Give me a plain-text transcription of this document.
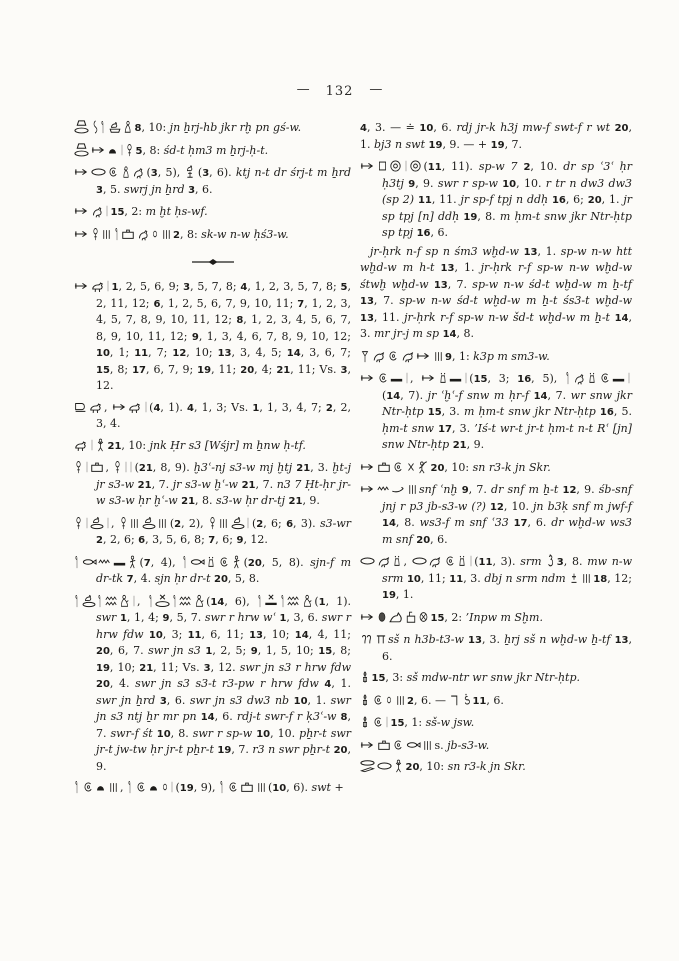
— 132 —

8, 10: jn ẖrj-hb jkr rḫ pn gś-w.

5, 8: śd-t ḥm3 m ẖrj-ḥ-t.

(3, 5), (3, 6). ktj n-t dr śrj-t m ẖrd 3, 5. swrj jn ẖrd 3, 6.

15, 2: m ḫt ḥs-wf.

2, 8: sk-w n-w ḥś3-w.

1, 2, 5, 6, 9; 3, 5, 7, 8; 4, 1, 2, 3, 5, 7, 8; 5, 2, 11, 12; 6, 1, 2, 5, 6, 7, 9, 10, 11; 7, 1, 2, 3, 4, 5, 7, 8, 9, 10, 11, 12; 8, 1, 2, 3, 4, 5, 6, 7, 8, 9, 10, 11, 12; 9, 1, 3, 4, 6, 7, 8, 9, 10, 12; 10, 1; 11, 7; 12, 10; 13, 3, 4, 5; 14, 3, 6, 7; 15, 8; 17, 6, 7, 9; 19, 11; 20, 4; 21, 11; Vs. 3, 12.

,	(4, 1). 4, 1, 3; Vs. 1, 1, 3, 4, 7; 2, 2, 3, 4.

21, 10: jnk Ḥr s3 [Wśjr] m ẖnw ḥ-tf.

, (21, 8, 9). ḫ3ʿ-nj s3-w mj ḫtj 21, 3. ḫt-j jr s3-w 21, 7. jr s3-w ḫʿ-w 21, 7. n3 7 Ḥt-ḥr jr-w s3-w ḥr ḫʿ-w 21, 8. s3-w ḥr dr-tj 21, 9.

,	(2, 2),	(2, 6; 6, 3). s3-wr 2, 2, 6; 6, 3, 5, 6, 8; 7, 6; 9, 12.

(7, 4),	(20, 5, 8). sjn-f m dr-tk 7, 4. sjn ḥr dr-t 20, 5, 8.

,	(14, 6),	(1, 1). swr 1, 1, 4; 9, 5, 7. swr r hrw wʿ 1, 3, 6. swr r hrw fdw 10, 3; 11, 6, 11; 13, 10; 14, 4, 11; 20, 6, 7. swr jn s3 1, 2, 5; 9, 1, 5, 10; 15, 8; 19, 10; 21, 11; Vs. 3, 12. swr jn s3 r hrw fdw 20, 4. swr jn s3 s3-t r3-pw r hrw fdw 4, 1. swr jn ẖrd 3, 6. swr jn s3 dw3 nb 10, 1. swr jn s3 ntj ẖr mr pn 14, 6. rdj-t swr-f r ḳ3ʿ-w 8, 7. swr-f śt 10, 8. swr r sp-w 10, 10. pẖr-t swr jr-t jw-tw ḥr jr-t pẖr-t 19, 7. r3 n swr pẖr-t 20, 9.

,	(19, 9),	(10, 6). swt +

4, 3. — ≐ 10, 6. rdj jr-k h3j mw-f swt-f r wt 20, 1. bj3 n swt 19, 9. — + 19, 7.

(11, 11). sp-w 7 2, 10. dr sp ʿ3ʿ ḥr ḥ3tj 9, 9. swr r sp-w 10, 10. r tr n dw3 dw3 (sp 2) 11, 11. jr sp-f tpj n ddḥ 16, 6; 20, 1. jr sp tpj [n] ddḥ 19, 8. m ḥm-t snw jkr Ntr-ḥtp sp tpj 16, 6.

jr-ḥrk n-f sp n śm3 wḫd-w 13, 1. sp-w n-w htt wḫd-w m h-t 13, 1. jr-ḥrk r-f sp-w n-w wḫd-w śtwḫ wḫd-w 13, 7. sp-w n-w śd-t wḫd-w m ẖ-tf 13, 7. sp-w n-w śd-t wḫd-w m ẖ-t śs3-t wḫd-w 13, 11. jr-ḥrk r-f sp-w n-w šd-t wḫd-w m ẖ-t 14, 3. mr jr-j m sp 14, 8.

9, 1: k3p m sm3-w.

,	(15, 3; 16, 5), (14, 7). jr ʿḫʿ-f snw m ḥr-f 14, 7. wr snw jkr Ntr-ḥtp 15, 3. m ḥm-t snw jkr Ntr-ḥtp 16, 5. ḥm-t snw 17, 3. ’Iś-t wr-t jr-t ḥm-t n-t Rʿ [jn] snw Ntr-ḥtp 21, 9.

20, 10: sn r3-k jn Skr.

snf ʿnḫ 9, 7. dr snf m ẖ-t 12, 9. śb-snf jnj r p3 jb-s3-w (?) 12, 10. jn b3ḳ snf m jwf-f 14, 8. ws3-f m snf ʿ33 17, 6. dr wḫd-w ws3 m snf 20, 6.

,	(11, 3). srm 3, 8. mw n-w srm 10, 11; 11, 3. dbj n srm ndm 18, 12; 19, 1.

15, 2: ’Inpw m Sḫm.

sš n h3b-t3-w 13, 3. ẖrj sš n wḫd-w ẖ-tf 13, 6.

15, 3: sš mdw-ntr wr snw jkr Ntr-ḥtp.

2, 6. — 11, 6.

15, 1: sš-w jsw.

s. jb-s3-w.

20, 10: sn r3-k jn Skr.
